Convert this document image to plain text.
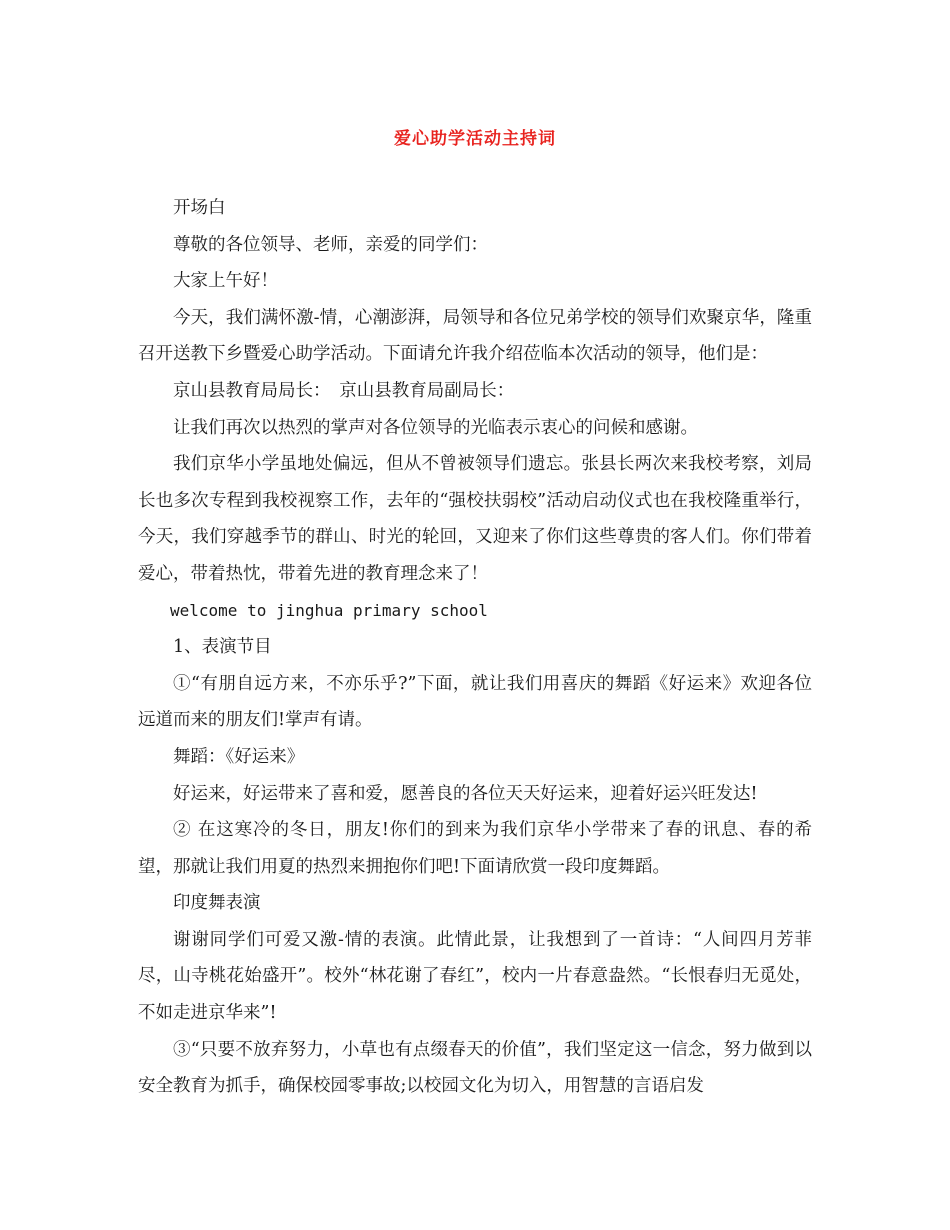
爱心助学活动主持词

开场白

尊敬的各位领导、老师，亲爱的同学们：

大家上午好！

今天，我们满怀激-情，心潮澎湃，局领导和各位兄弟学校的领导们欢聚京华，隆重召开送教下乡暨爱心助学活动。下面请允许我介绍莅临本次活动的领导，他们是：

京山县教育局局长：　京山县教育局副局长：

让我们再次以热烈的掌声对各位领导的光临表示衷心的问候和感谢。

我们京华小学虽地处偏远，但从不曾被领导们遗忘。张县长两次来我校考察，刘局长也多次专程到我校视察工作，去年的“强校扶弱校”活动启动仪式也在我校隆重举行，今天，我们穿越季节的群山、时光的轮回，又迎来了你们这些尊贵的客人们。你们带着爱心，带着热忱，带着先进的教育理念来了！

welcome to jinghua primary school

1、表演节目

①“有朋自远方来，不亦乐乎?”下面，就让我们用喜庆的舞蹈《好运来》欢迎各位远道而来的朋友们!掌声有请。

舞蹈：《好运来》

好运来，好运带来了喜和爱，愿善良的各位天天好运来，迎着好运兴旺发达!

② 在这寒冷的冬日，朋友!你们的到来为我们京华小学带来了春的讯息、春的希望，那就让我们用夏的热烈来拥抱你们吧!下面请欣赏一段印度舞蹈。

印度舞表演

谢谢同学们可爱又激-情的表演。此情此景，让我想到了一首诗：“人间四月芳菲尽，山寺桃花始盛开”。校外“林花谢了春红”，校内一片春意盎然。“长恨春归无觅处，不如走进京华来”!

③“只要不放弃努力，小草也有点缀春天的价值”，我们坚定这一信念，努力做到以安全教育为抓手，确保校园零事故;以校园文化为切入，用智慧的言语启发
